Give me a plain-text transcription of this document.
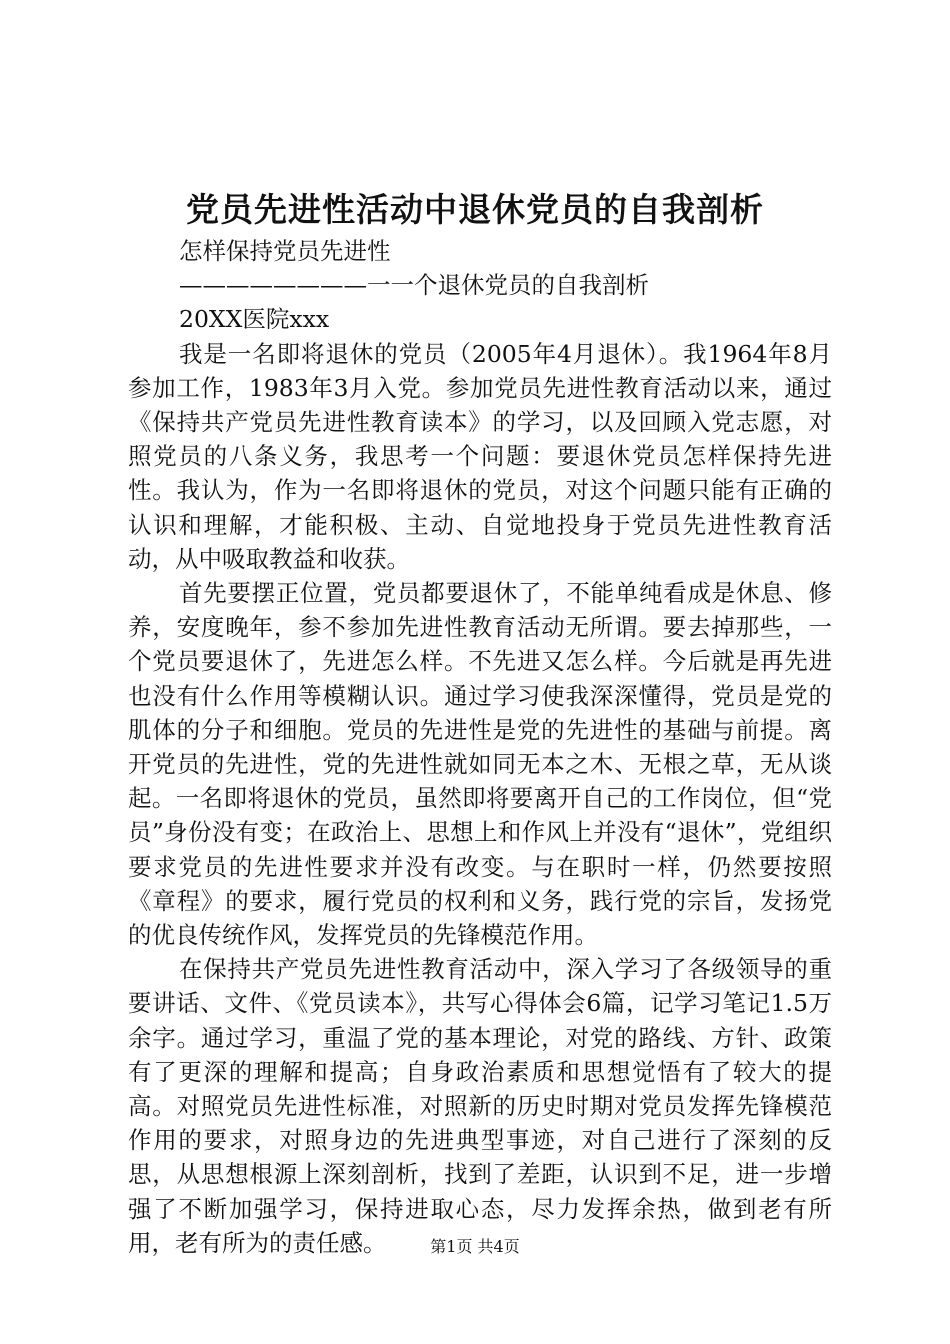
党员先进性活动中退休党员的自我剖析

怎样保持党员先进性

————————一一个退休党员的自我剖析

20XX医院xxx

我是一名即将退休的党员（2005年4月退休）。我1964年8月参加工作，1983年3月入党。参加党员先进性教育活动以来，通过《保持共产党员先进性教育读本》的学习，以及回顾入党志愿，对照党员的八条义务，我思考一个问题：要退休党员怎样保持先进性。我认为，作为一名即将退休的党员，对这个问题只能有正确的认识和理解，才能积极、主动、自觉地投身于党员先进性教育活动，从中吸取教益和收获。

首先要摆正位置，党员都要退休了，不能单纯看成是休息、修养，安度晚年，参不参加先进性教育活动无所谓。要去掉那些，一个党员要退休了，先进怎么样。不先进又怎么样。今后就是再先进也没有什么作用等模糊认识。通过学习使我深深懂得，党员是党的肌体的分子和细胞。党员的先进性是党的先进性的基础与前提。离开党员的先进性，党的先进性就如同无本之木、无根之草，无从谈起。一名即将退休的党员，虽然即将要离开自己的工作岗位，但“党员”身份没有变；在政治上、思想上和作风上并没有“退休”，党组织要求党员的先进性要求并没有改变。与在职时一样，仍然要按照《章程》的要求，履行党员的权利和义务，践行党的宗旨，发扬党的优良传统作风，发挥党员的先锋模范作用。

在保持共产党员先进性教育活动中，深入学习了各级领导的重要讲话、文件、《党员读本》，共写心得体会6篇，记学习笔记1.5万余字。通过学习，重温了党的基本理论，对党的路线、方针、政策有了更深的理解和提高；自身政治素质和思想觉悟有了较大的提高。对照党员先进性标准，对照新的历史时期对党员发挥先锋模范作用的要求，对照身边的先进典型事迹，对自己进行了深刻的反思，从思想根源上深刻剖析，找到了差距，认识到不足，进一步增强了不断加强学习，保持进取心态，尽力发挥余热，做到老有所用，老有所为的责任感。	第1页 共4页
